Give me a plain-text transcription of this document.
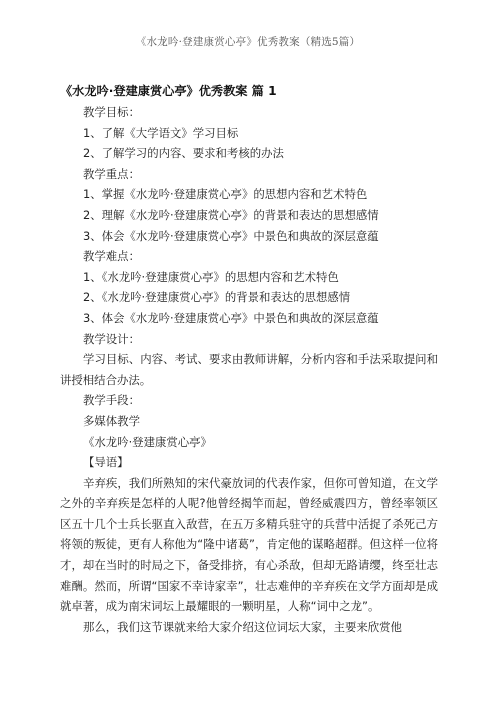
《水龙吟·登建康赏心亭》优秀教案（精选5篇）
《水龙吟·登建康赏心亭》优秀教案 篇 1
教学目标：
1、了解《大学语文》学习目标
2、了解学习的内容、要求和考核的办法
教学重点：
1、掌握《水龙吟·登建康赏心亭》的思想内容和艺术特色
2、理解《水龙吟·登建康赏心亭》的背景和表达的思想感情
3、体会《水龙吟·登建康赏心亭》中景色和典故的深层意蕴
教学难点：
1、《水龙吟·登建康赏心亭》的思想内容和艺术特色
2、《水龙吟·登建康赏心亭》的背景和表达的思想感情
3、体会《水龙吟·登建康赏心亭》中景色和典故的深层意蕴
教学设计：
学习目标、内容、考试、要求由教师讲解，分析内容和手法采取提问和讲授相结合办法。
教学手段：
多媒体教学
《水龙吟·登建康赏心亭》
【导语】
辛弃疾，我们所熟知的宋代豪放词的代表作家，但你可曾知道，在文学之外的辛弃疾是怎样的人呢?他曾经揭竿而起，曾经威震四方，曾经率领区区五十几个士兵长驱直入敌营，在五万多精兵驻守的兵营中活捉了杀死己方将领的叛徒，更有人称他为“隆中诸葛”，肯定他的谋略超群。但这样一位将才，却在当时的时局之下，备受排挤，有心杀敌，但却无路请缨，终至壮志难酬。然而，所谓“国家不幸诗家幸”，壮志难伸的辛弃疾在文学方面却是成就卓著，成为南宋词坛上最耀眼的一颗明星，人称“词中之龙”。
那么，我们这节课就来给大家介绍这位词坛大家，主要来欣赏他
